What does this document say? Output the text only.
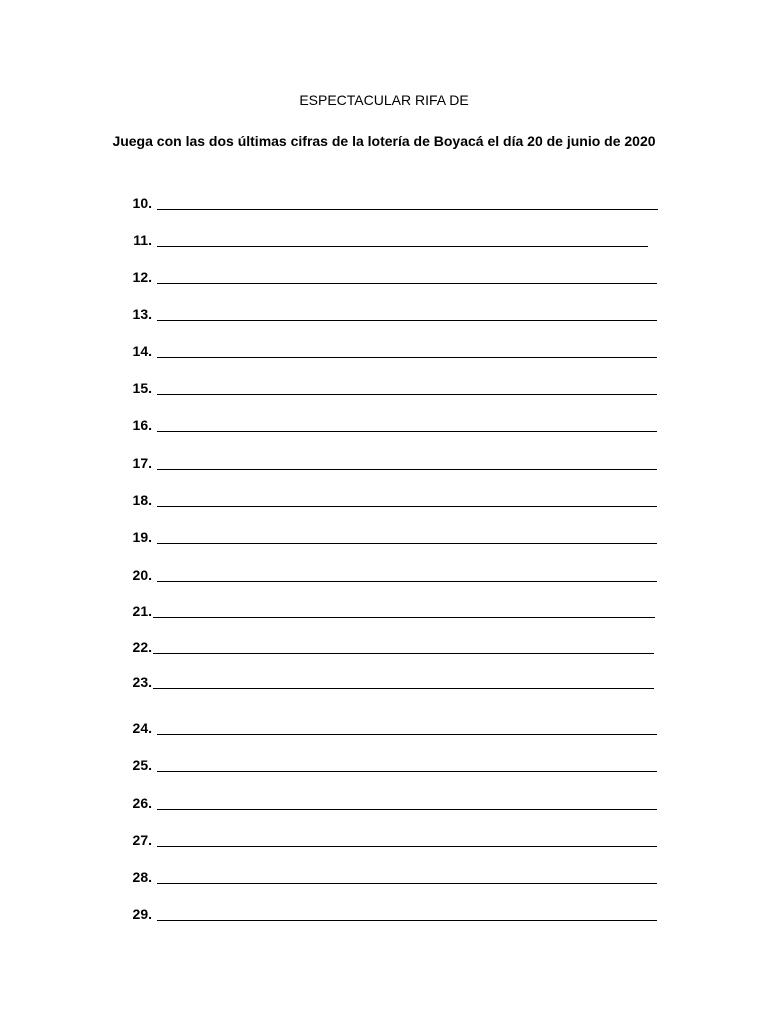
ESPECTACULAR RIFA DE
Juega con las dos últimas cifras de la lotería de Boyacá el día 20 de junio de 2020
10.
11.
12.
13.
14.
15.
16.
17.
18.
19.
20.
21.
22.
23.
24.
25.
26.
27.
28.
29.
